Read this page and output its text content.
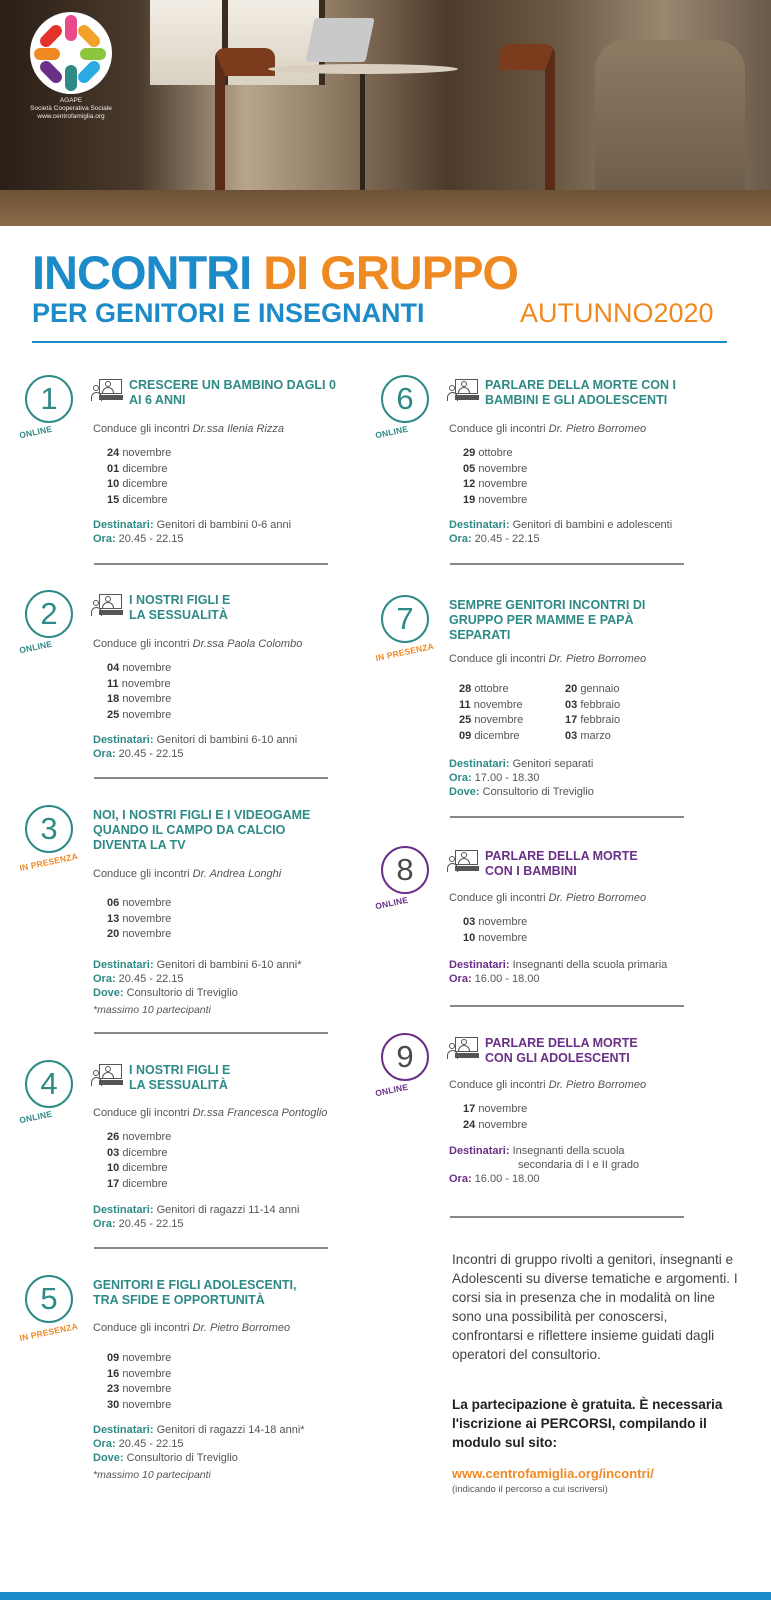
AGAPE
Società Cooperativa Sociale
www.centrofamiglia.org
INCONTRI DI GRUPPO
PER GENITORI E INSEGNANTI	AUTUNNO2020
1
ONLINE
CRESCERE UN BAMBINO DAGLI 0 AI 6 ANNI
Conduce gli incontri Dr.ssa Ilenia Rizza
24 novembre
01 dicembre
10 dicembre
15 dicembre
Destinatari: Genitori di bambini 0-6 anni
Ora: 20.45 - 22.15
2
ONLINE
I NOSTRI FIGLI E LA SESSUALITÀ
Conduce gli incontri Dr.ssa Paola Colombo
04 novembre
11 novembre
18 novembre
25 novembre
Destinatari: Genitori di bambini 6-10 anni
Ora: 20.45 - 22.15
3
IN PRESENZA
NOI, I NOSTRI FIGLI E I VIDEOGAME QUANDO IL CAMPO DA CALCIO DIVENTA LA TV
Conduce gli incontri Dr. Andrea Longhi
06 novembre
13 novembre
20 novembre
Destinatari: Genitori di bambini 6-10 anni*
Ora: 20.45 - 22.15
Dove: Consultorio di Treviglio
*massimo 10 partecipanti
4
ONLINE
I NOSTRI FIGLI E LA SESSUALITÀ
Conduce gli incontri Dr.ssa Francesca Pontoglio
26 novembre
03 dicembre
10 dicembre
17 dicembre
Destinatari: Genitori di ragazzi 11-14 anni
Ora: 20.45 - 22.15
5
IN PRESENZA
GENITORI E FIGLI ADOLESCENTI, TRA SFIDE E OPPORTUNITÀ
Conduce gli incontri Dr. Pietro Borromeo
09 novembre
16 novembre
23 novembre
30 novembre
Destinatari: Genitori di ragazzi 14-18 anni*
Ora: 20.45 - 22.15
Dove: Consultorio di Treviglio
*massimo 10 partecipanti
6
ONLINE
PARLARE DELLA MORTE CON I BAMBINI E GLI ADOLESCENTI
Conduce gli incontri Dr. Pietro Borromeo
29 ottobre
05 novembre
12 novembre
19 novembre
Destinatari: Genitori di bambini e adolescenti
Ora: 20.45 - 22.15
7
IN PRESENZA
SEMPRE GENITORI INCONTRI DI GRUPPO PER MAMME E PAPÀ SEPARATI
Conduce gli incontri Dr. Pietro Borromeo
28 ottobre
11 novembre
25 novembre
09 dicembre
20 gennaio
03 febbraio
17 febbraio
03 marzo
Destinatari: Genitori separati
Ora: 17.00 - 18.30
Dove: Consultorio di Treviglio
8
ONLINE
PARLARE DELLA MORTE CON I BAMBINI
Conduce gli incontri Dr. Pietro Borromeo
03 novembre
10 novembre
Destinatari: Insegnanti della scuola primaria
Ora: 16.00 - 18.00
9
ONLINE
PARLARE DELLA MORTE CON GLI ADOLESCENTI
Conduce gli incontri Dr. Pietro Borromeo
17 novembre
24 novembre
Destinatari: Insegnanti della scuola
secondaria di I e II grado
Ora: 16.00 - 18.00
Incontri di gruppo rivolti a genitori, insegnanti e Adolescenti su diverse tematiche e argomenti. I corsi sia in presenza che in modalità on line sono una possibilità per conoscersi, confrontarsi e riflettere insieme guidati dagli operatori del consultorio.
La partecipazione è gratuita. È necessaria l'iscrizione ai PERCORSI, compilando il modulo sul sito:
www.centrofamiglia.org/incontri/
(indicando il percorso a cui iscriversi)
